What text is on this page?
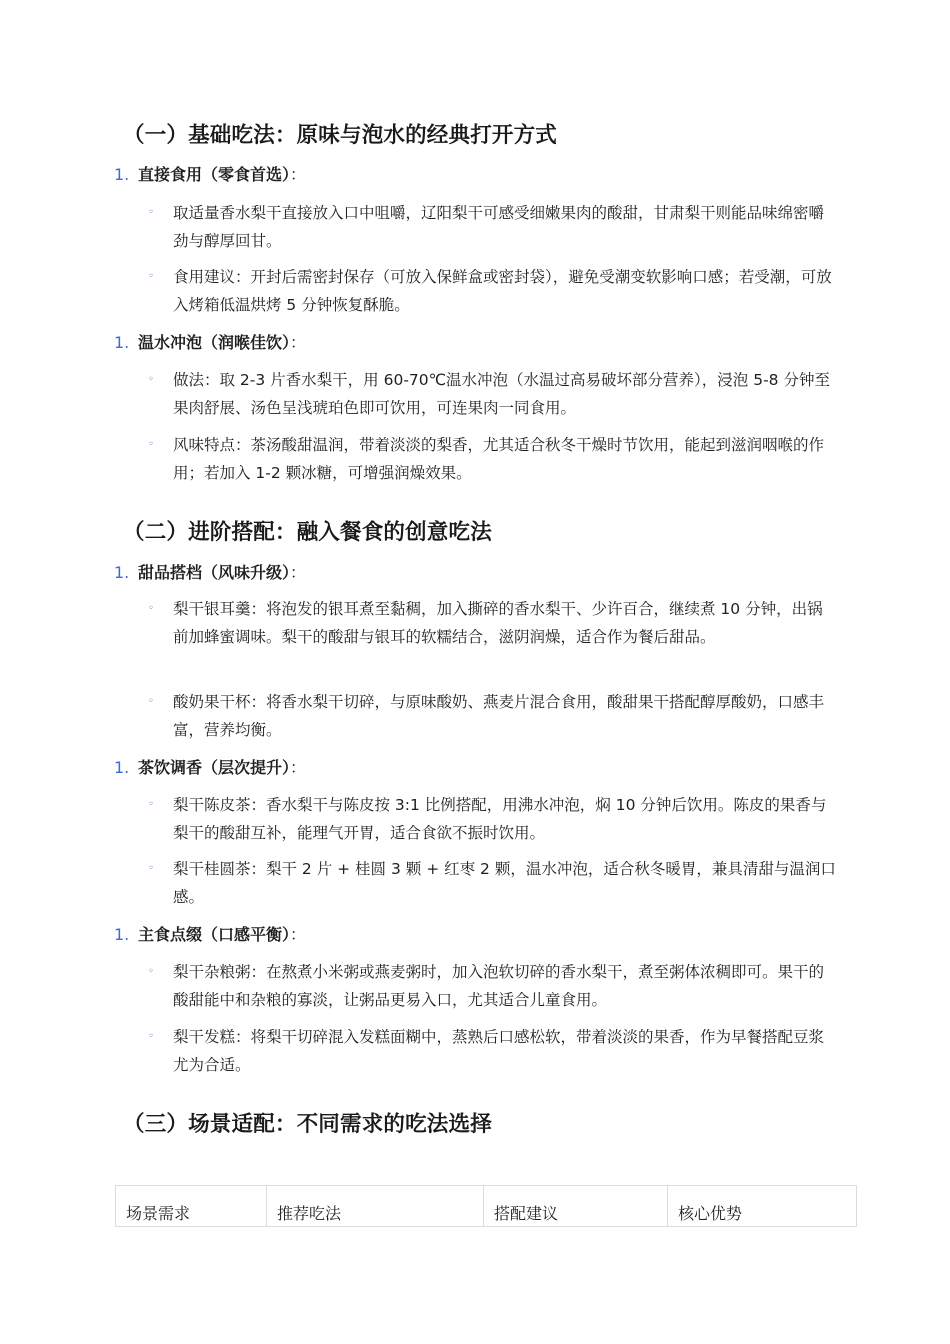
（一）基础吃法：原味与泡水的经典打开方式
1. 直接食用（零食首选）：
◦ 取适量香水梨干直接放入口中咀嚼，辽阳梨干可感受细嫩果肉的酸甜，甘肃梨干则能品味绵密嚼劲与醇厚回甘。
◦ 食用建议：开封后需密封保存（可放入保鲜盒或密封袋），避免受潮变软影响口感；若受潮，可放入烤箱低温烘烤 5 分钟恢复酥脆。
1. 温水冲泡（润喉佳饮）：
◦ 做法：取 2-3 片香水梨干，用 60-70℃温水冲泡（水温过高易破坏部分营养），浸泡 5-8 分钟至果肉舒展、汤色呈浅琥珀色即可饮用，可连果肉一同食用。
◦ 风味特点：茶汤酸甜温润，带着淡淡的梨香，尤其适合秋冬干燥时节饮用，能起到滋润咽喉的作用；若加入 1-2 颗冰糖，可增强润燥效果。
（二）进阶搭配：融入餐食的创意吃法
1. 甜品搭档（风味升级）：
◦ 梨干银耳羹：将泡发的银耳煮至黏稠，加入撕碎的香水梨干、少许百合，继续煮 10 分钟，出锅前加蜂蜜调味。梨干的酸甜与银耳的软糯结合，滋阴润燥，适合作为餐后甜品。
◦ 酸奶果干杯：将香水梨干切碎，与原味酸奶、燕麦片混合食用，酸甜果干搭配醇厚酸奶，口感丰富，营养均衡。
1. 茶饮调香（层次提升）：
◦ 梨干陈皮茶：香水梨干与陈皮按 3:1 比例搭配，用沸水冲泡，焖 10 分钟后饮用。陈皮的果香与梨干的酸甜互补，能理气开胃，适合食欲不振时饮用。
◦ 梨干桂圆茶：梨干 2 片 + 桂圆 3 颗 + 红枣 2 颗，温水冲泡，适合秋冬暖胃，兼具清甜与温润口感。
1. 主食点缀（口感平衡）：
◦ 梨干杂粮粥：在熬煮小米粥或燕麦粥时，加入泡软切碎的香水梨干，煮至粥体浓稠即可。果干的酸甜能中和杂粮的寡淡，让粥品更易入口，尤其适合儿童食用。
◦ 梨干发糕：将梨干切碎混入发糕面糊中，蒸熟后口感松软，带着淡淡的果香，作为早餐搭配豆浆尤为合适。
（三）场景适配：不同需求的吃法选择
场景需求	推荐吃法	搭配建议	核心优势
